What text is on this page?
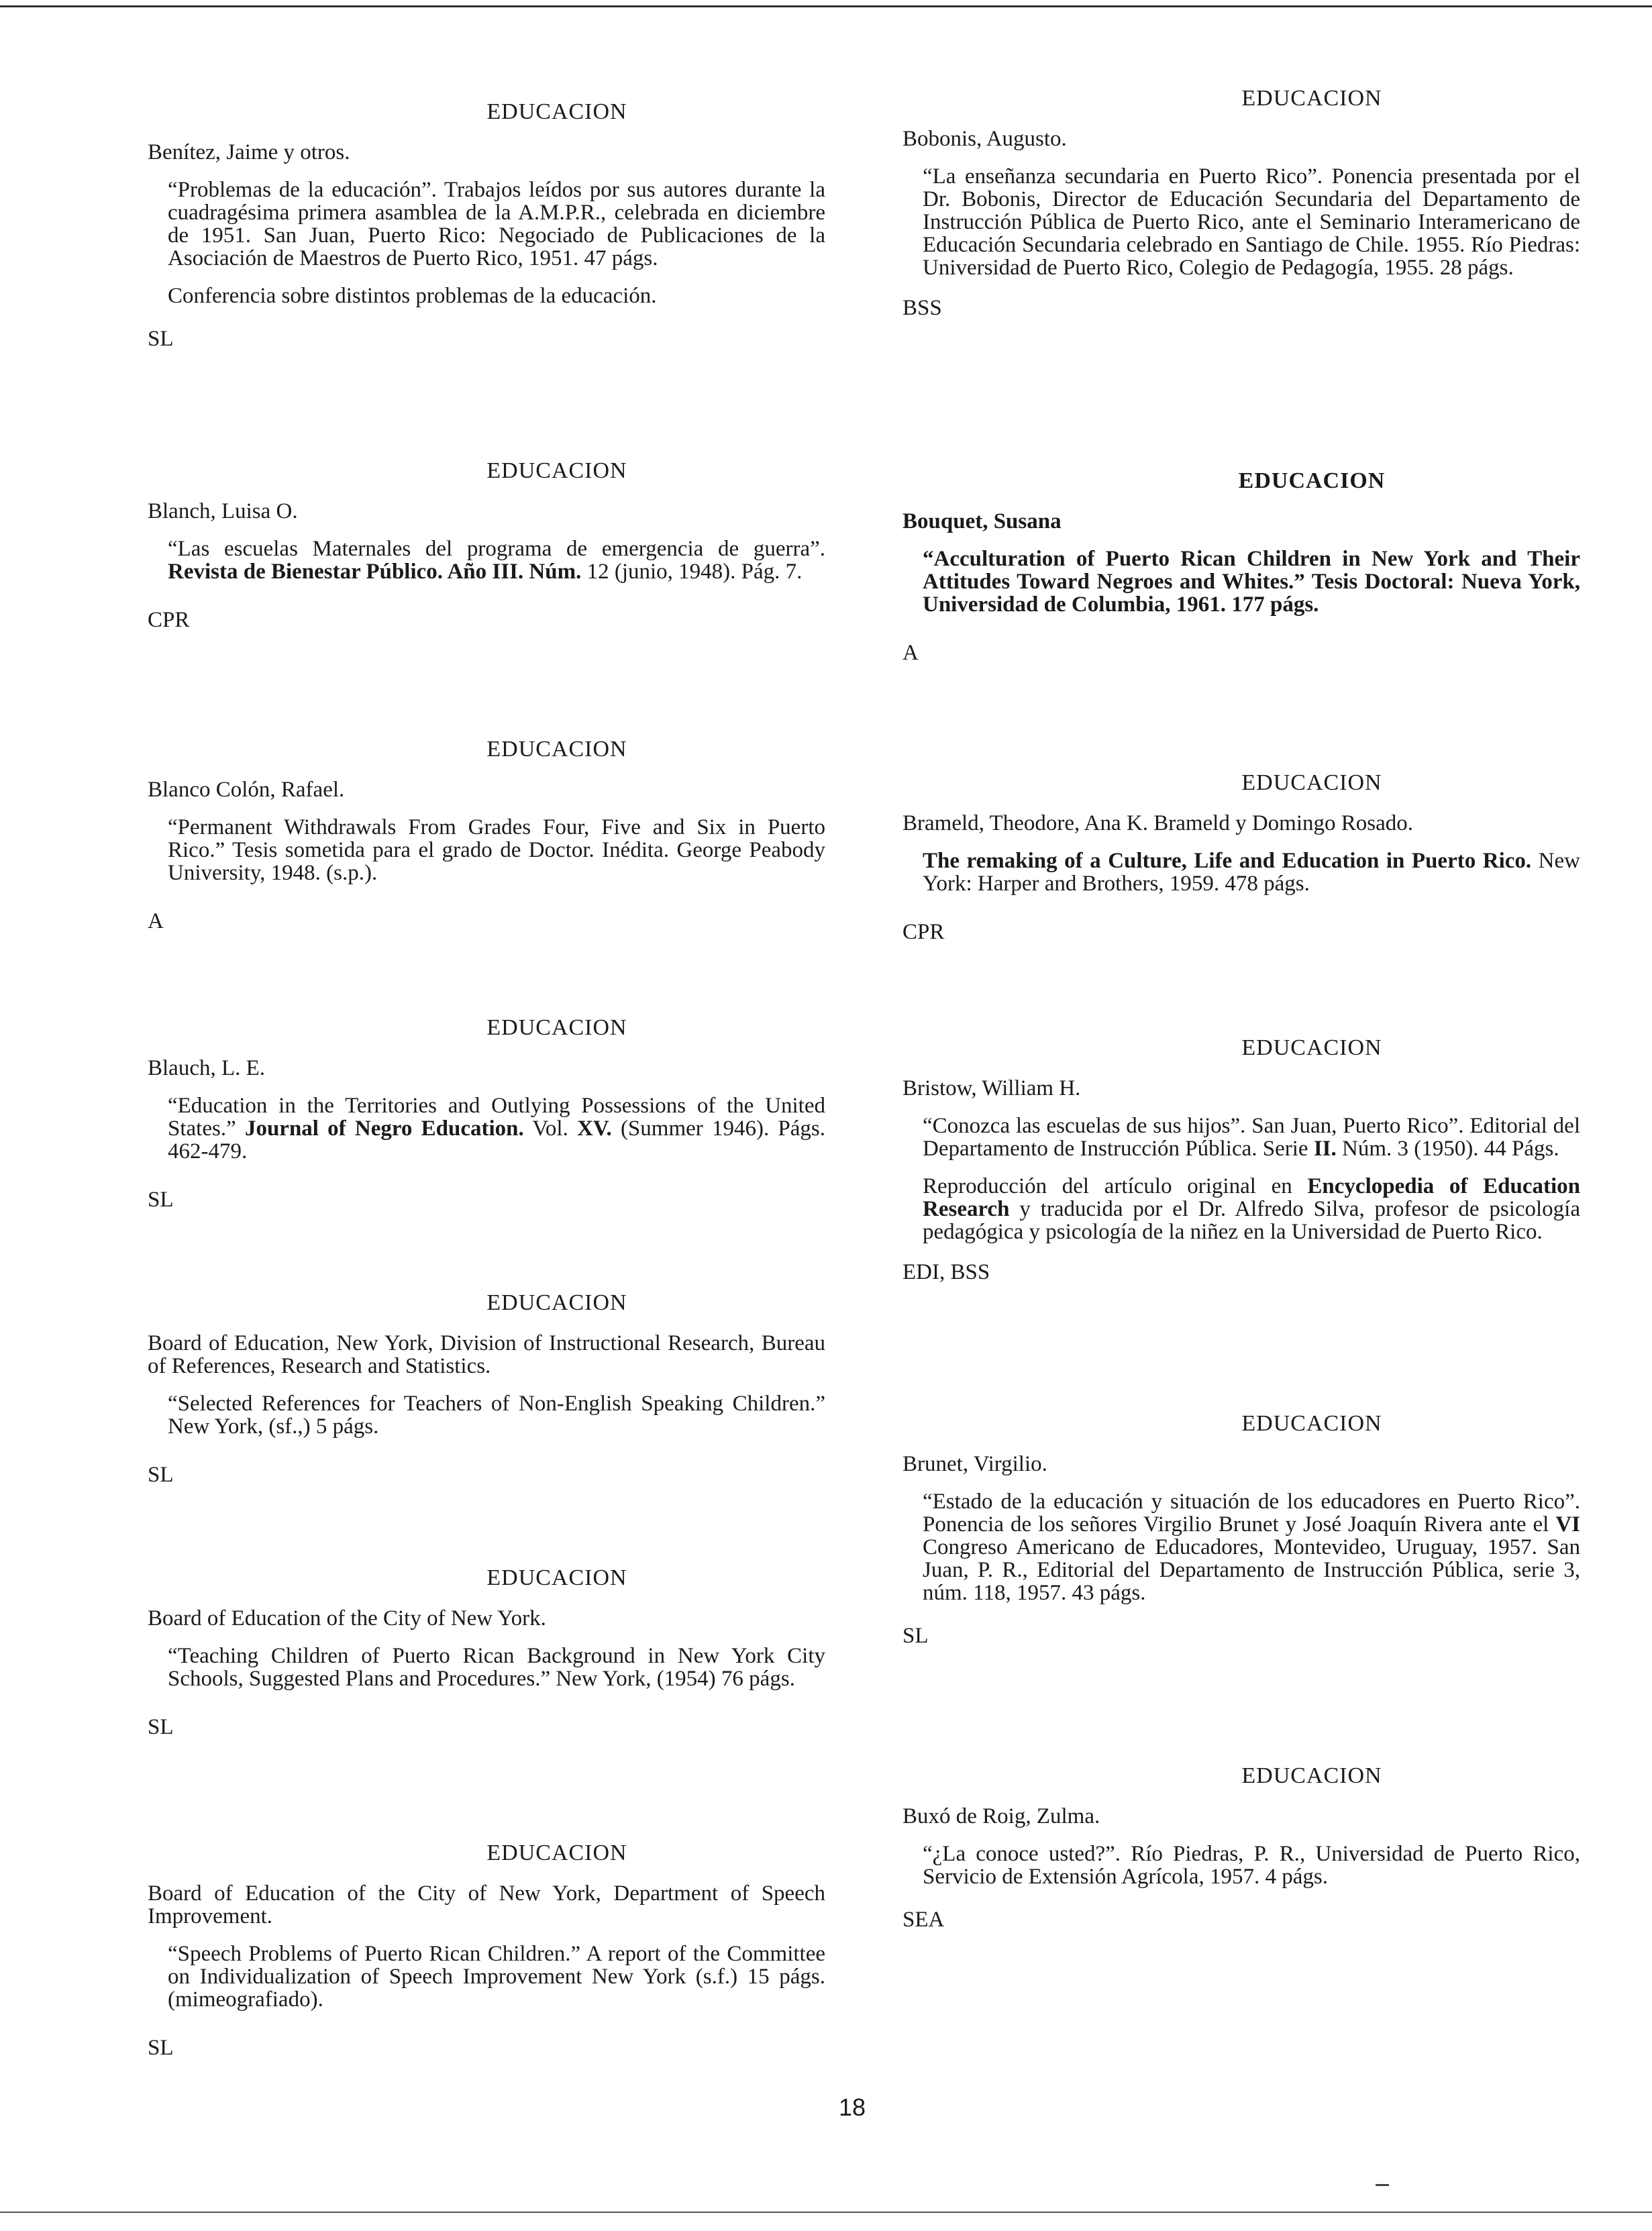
EDUCACION
Benítez, Jaime y otros.
“Problemas de la educación”. Trabajos leídos por sus autores durante la cuadragésima primera asamblea de la A.M.P.R., celebrada en diciembre de 1951. San Juan, Puerto Rico: Negociado de Publicaciones de la Asociación de Maestros de Puerto Rico, 1951. 47 págs.
Conferencia sobre distintos problemas de la educación.
SL
EDUCACION
Blanch, Luisa O.
“Las escuelas Maternales del programa de emergencia de guerra”. Revista de Bienestar Público. Año III. Núm. 12 (junio, 1948). Pág. 7.
CPR
EDUCACION
Blanco Colón, Rafael.
“Permanent Withdrawals From Grades Four, Five and Six in Puerto Rico.” Tesis sometida para el grado de Doctor. Inédita. George Peabody University, 1948. (s.p.).
A
EDUCACION
Blauch, L. E.
“Education in the Territories and Outlying Possessions of the United States.” Journal of Negro Education. Vol. XV. (Summer 1946). Págs. 462-479.
SL
EDUCACION
Board of Education, New York, Division of Instructional Research, Bureau of References, Research and Statistics.
“Selected References for Teachers of Non-English Speaking Children.” New York, (sf.,) 5 págs.
SL
EDUCACION
Board of Education of the City of New York.
“Teaching Children of Puerto Rican Background in New York City Schools, Suggested Plans and Procedures.” New York, (1954) 76 págs.
SL
EDUCACION
Board of Education of the City of New York, Department of Speech Improvement.
“Speech Problems of Puerto Rican Children.” A report of the Committee on Individualization of Speech Improvement New York (s.f.) 15 págs. (mimeografiado).
SL
EDUCACION
Bobonis, Augusto.
“La enseñanza secundaria en Puerto Rico”. Ponencia presentada por el Dr. Bobonis, Director de Educación Secundaria del Departamento de Instrucción Pública de Puerto Rico, ante el Seminario Interamericano de Educación Secundaria celebrado en Santiago de Chile. 1955. Río Piedras: Universidad de Puerto Rico, Colegio de Pedagogía, 1955. 28 págs.
BSS
EDUCACION
Bouquet, Susana
“Acculturation of Puerto Rican Children in New York and Their Attitudes Toward Negroes and Whites.” Tesis Doctoral: Nueva York, Universidad de Columbia, 1961. 177 págs.
A
EDUCACION
Brameld, Theodore, Ana K. Brameld y Domingo Rosado.
The remaking of a Culture, Life and Education in Puerto Rico. New York: Harper and Brothers, 1959. 478 págs.
CPR
EDUCACION
Bristow, William H.
“Conozca las escuelas de sus hijos”. San Juan, Puerto Rico”. Editorial del Departamento de Instrucción Pública. Serie II. Núm. 3 (1950). 44 Págs.
Reproducción del artículo original en Encyclopedia of Education Research y traducida por el Dr. Alfredo Silva, profesor de psicología pedagógica y psicología de la niñez en la Universidad de Puerto Rico.
EDI, BSS
EDUCACION
Brunet, Virgilio.
“Estado de la educación y situación de los educadores en Puerto Rico”. Ponencia de los señores Virgilio Brunet y José Joaquín Rivera ante el VI Congreso Americano de Educadores, Montevideo, Uruguay, 1957. San Juan, P. R., Editorial del Departamento de Instrucción Pública, serie 3, núm. 118, 1957. 43 págs.
SL
EDUCACION
Buxó de Roig, Zulma.
“¿La conoce usted?”. Río Piedras, P. R., Universidad de Puerto Rico, Servicio de Extensión Agrícola, 1957. 4 págs.
SEA
18
